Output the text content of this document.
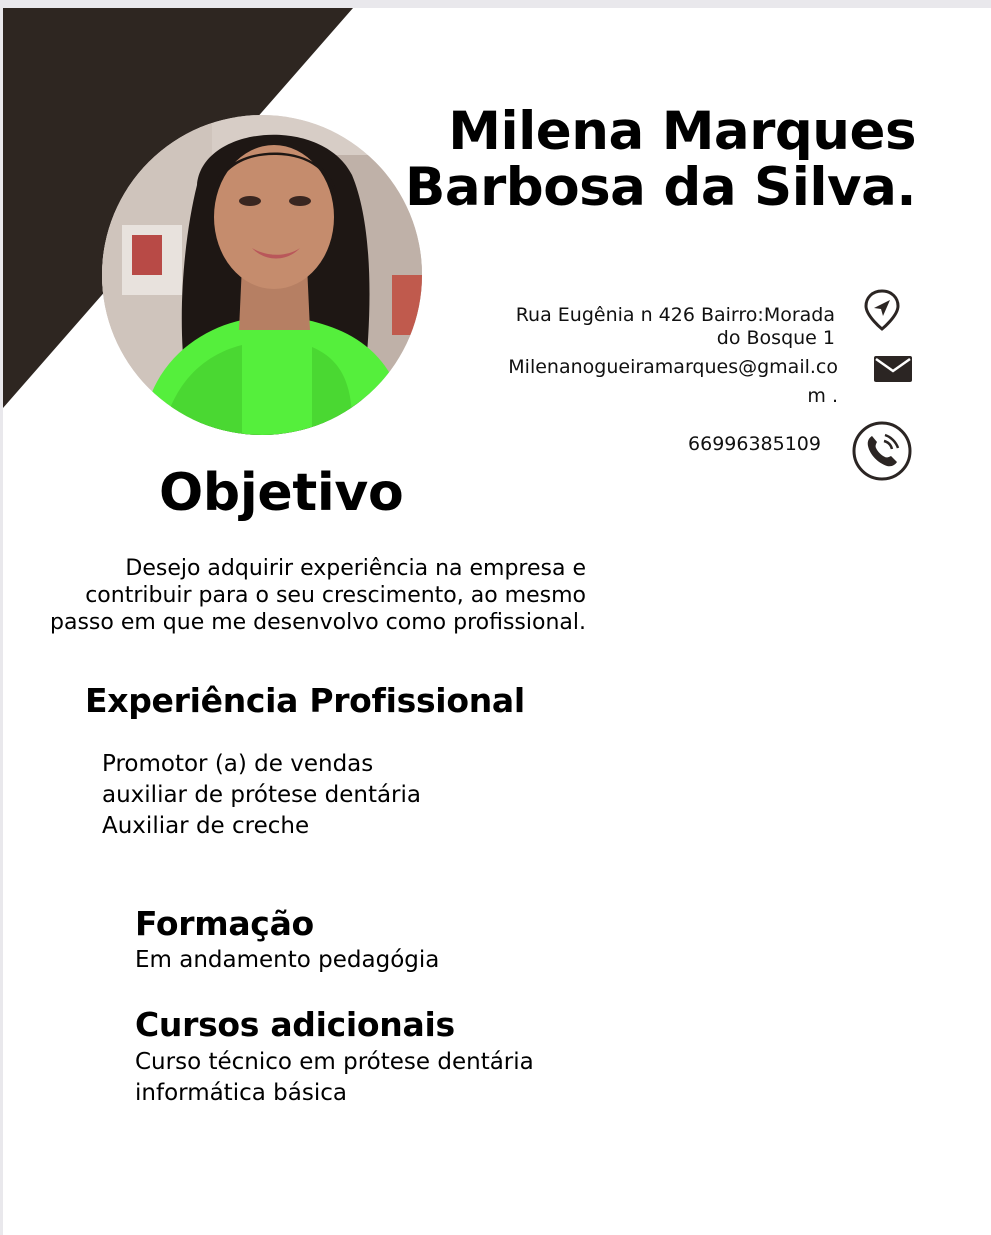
Milena Marques
Barbosa da Silva.
Rua Eugênia n 426 Bairro:Morada
do Bosque 1
Milenanogueiramarques@gmail.co
m .
66996385109
Objetivo
Desejo adquirir experiência na empresa e
contribuir para o seu crescimento, ao mesmo
passo em que me desenvolvo como profissional.
Experiência Profissional
Promotor (a) de vendas
auxiliar de prótese dentária
Auxiliar de creche
Formação

Em andamento pedagógia

Cursos adicionais
Curso técnico em prótese dentária
informática básica
